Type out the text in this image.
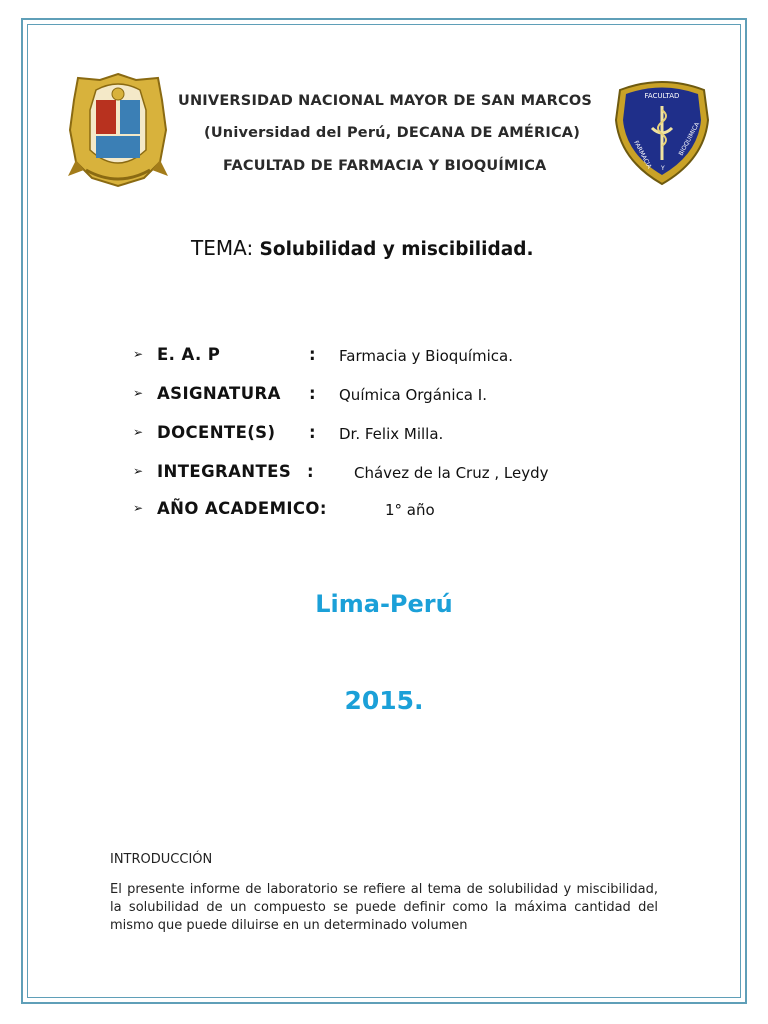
UNIVERSIDAD NACIONAL MAYOR DE SAN MARCOS
(Universidad del Perú, DECANA DE AMÉRICA)
FACULTAD DE FARMACIA Y BIOQUÍMICA
FACULTAD
FARMACIA	BIOQUIMICA
Y
TEMA: Solubilidad y miscibilidad.
➢ E. A. P	: Farmacia y Bioquímica.
➢ ASIGNATURA : Química Orgánica I.
➢ DOCENTE(S) : Dr. Felix Milla.
➢ INTEGRANTES :	Chávez de la Cruz , Leydy
➢ AÑO ACADEMICO:	1° año
Lima-Perú
2015.
INTRODUCCIÓN
El presente informe de laboratorio se refiere al tema de solubilidad y miscibilidad, la solubilidad de un compuesto se puede definir como la máxima cantidad del mismo que puede diluirse en un determinado volumen
